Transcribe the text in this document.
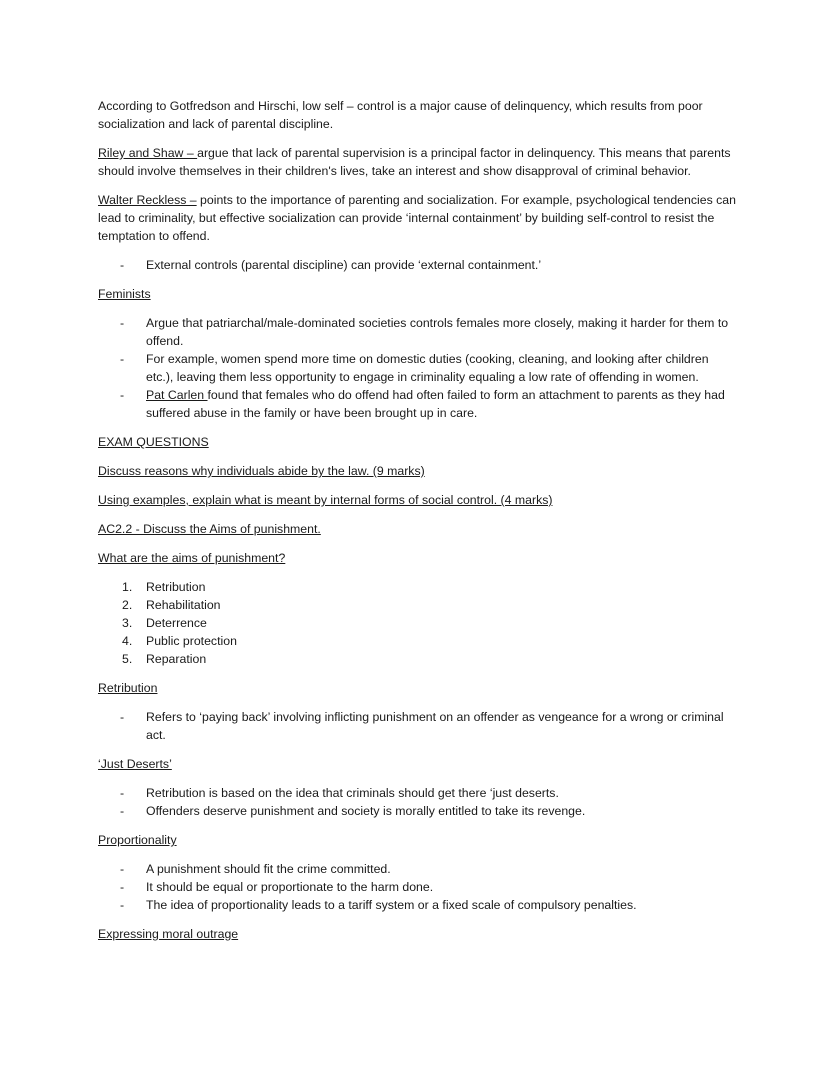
According to Gotfredson and Hirschi, low self – control is a major cause of delinquency, which results from poor socialization and lack of parental discipline.

Riley and Shaw – argue that lack of parental supervision is a principal factor in delinquency. This means that parents should involve themselves in their children's lives, take an interest and show disapproval of criminal behavior.

Walter Reckless – points to the importance of parenting and socialization. For example, psychological tendencies can lead to criminality, but effective socialization can provide ‘internal containment’ by building self-control to resist the temptation to offend.

- External controls (parental discipline) can provide ‘external containment.’

Feminists

- Argue that patriarchal/male-dominated societies controls females more closely, making it harder for them to offend.
- For example, women spend more time on domestic duties (cooking, cleaning, and looking after children etc.), leaving them less opportunity to engage in criminality equaling a low rate of offending in women.
- Pat Carlen found that females who do offend had often failed to form an attachment to parents as they had suffered abuse in the family or have been brought up in care.

EXAM QUESTIONS

Discuss reasons why individuals abide by the law. (9 marks)

Using examples, explain what is meant by internal forms of social control. (4 marks)

AC2.2 - Discuss the Aims of punishment.

What are the aims of punishment?

1. Retribution
2. Rehabilitation
3. Deterrence
4. Public protection
5. Reparation

Retribution

- Refers to ‘paying back’ involving inflicting punishment on an offender as vengeance for a wrong or criminal act.

‘Just Deserts’

- Retribution is based on the idea that criminals should get there ‘just deserts.
- Offenders deserve punishment and society is morally entitled to take its revenge.

Proportionality

- A punishment should fit the crime committed.
- It should be equal or proportionate to the harm done.
- The idea of proportionality leads to a tariff system or a fixed scale of compulsory penalties.

Expressing moral outrage
